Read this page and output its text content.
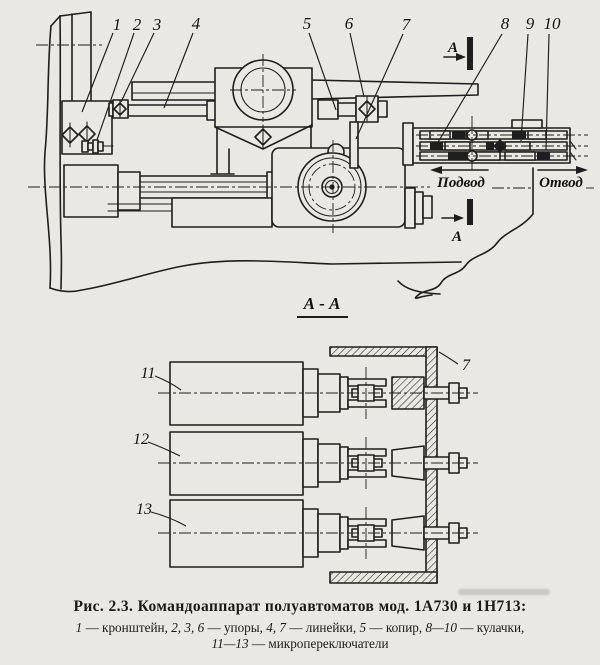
Подвод	Отвод
А
А
1 2 3 4	5 6	7	8 9 10
А - А
11
12
13
7
Рис. 2.3. Командоаппарат полуавтоматов мод. 1А730 и 1Н713:
1 — кронштейн, 2, 3, 6 — упоры, 4, 7 — линейки, 5 — копир, 8—10 — кулачки,
11—13 — микропереключатели
